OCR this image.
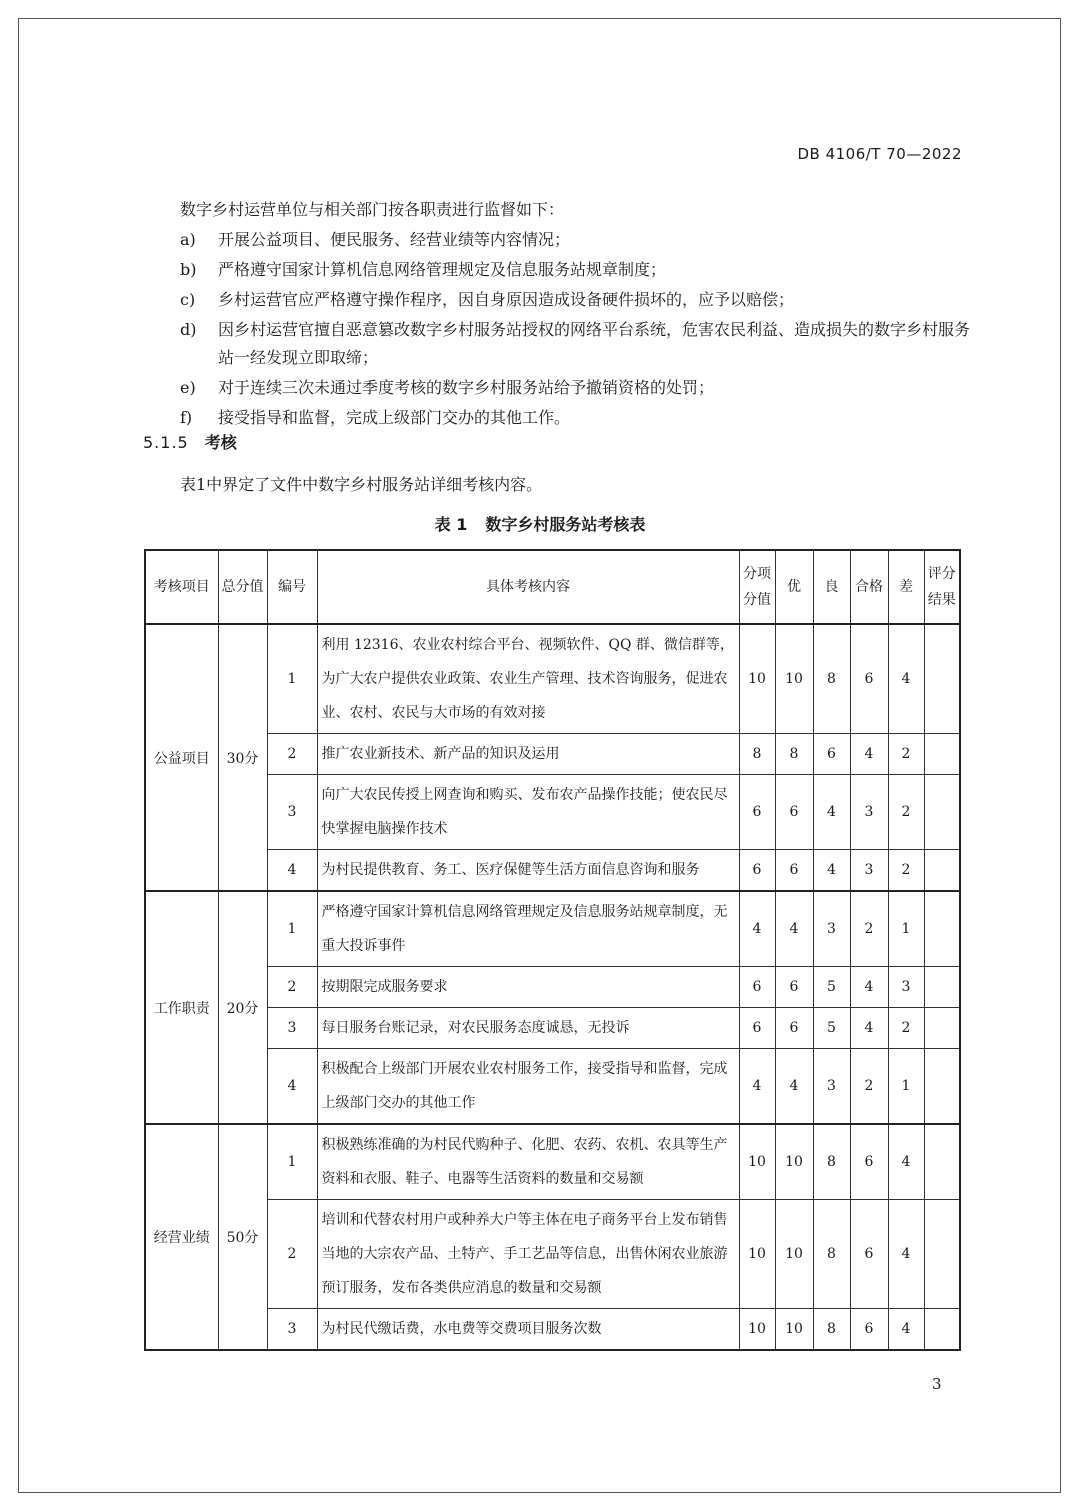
DB 4106/T 70—2022
数字乡村运营单位与相关部门按各职责进行监督如下：
a) 开展公益项目、便民服务、经营业绩等内容情况；
b) 严格遵守国家计算机信息网络管理规定及信息服务站规章制度；
c) 乡村运营官应严格遵守操作程序，因自身原因造成设备硬件损坏的，应予以赔偿；
d) 因乡村运营官擅自恶意篡改数字乡村服务站授权的网络平台系统，危害农民利益、造成损失的数字乡村服务站一经发现立即取缔；
e) 对于连续三次未通过季度考核的数字乡村服务站给予撤销资格的处罚；
f) 接受指导和监督，完成上级部门交办的其他工作。
5.1.5 考核
表1中界定了文件中数字乡村服务站详细考核内容。
表 1 数字乡村服务站考核表
考核项目	总分值	编号	具体考核内容	分项分值	优	良	合格	差	评分结果
公益项目	30分	1	利用 12316、农业农村综合平台、视频软件、QQ 群、微信群等，为广大农户提供农业政策、农业生产管理、技术咨询服务，促进农业、农村、农民与大市场的有效对接	10	10	8	6	4	
		2	推广农业新技术、新产品的知识及运用	8	8	6	4	2	
		3	向广大农民传授上网查询和购买、发布农产品操作技能；使农民尽快掌握电脑操作技术	6	6	4	3	2	
		4	为村民提供教育、务工、医疗保健等生活方面信息咨询和服务	6	6	4	3	2	
工作职责	20分	1	严格遵守国家计算机信息网络管理规定及信息服务站规章制度，无重大投诉事件	4	4	3	2	1	
		2	按期限完成服务要求	6	6	5	4	3	
		3	每日服务台账记录，对农民服务态度诚恳，无投诉	6	6	5	4	2	
		4	积极配合上级部门开展农业农村服务工作，接受指导和监督，完成上级部门交办的其他工作	4	4	3	2	1	
经营业绩	50分	1	积极熟练准确的为村民代购种子、化肥、农药、农机、农具等生产资料和衣服、鞋子、电器等生活资料的数量和交易额	10	10	8	6	4	
		2	培训和代替农村用户或种养大户等主体在电子商务平台上发布销售当地的大宗农产品、土特产、手工艺品等信息，出售休闲农业旅游预订服务，发布各类供应消息的数量和交易额	10	10	8	6	4	
		3	为村民代缴话费，水电费等交费项目服务次数	10	10	8	6	4	
3
